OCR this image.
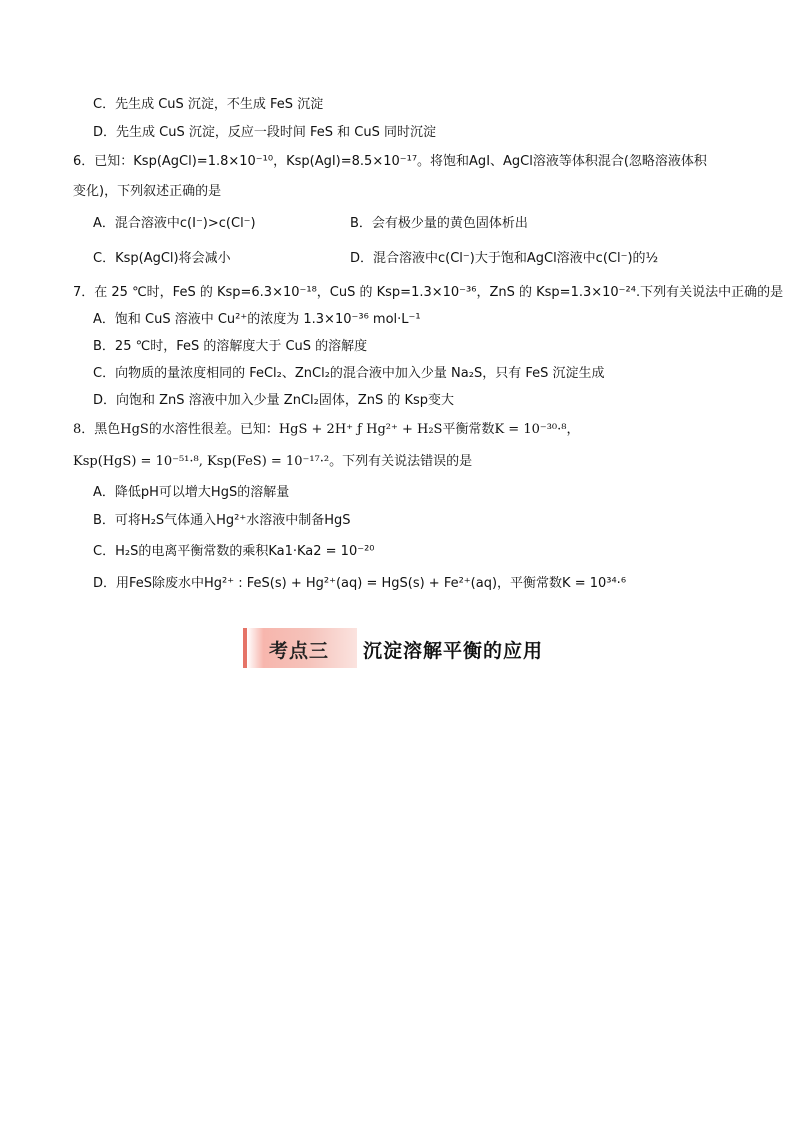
C．先生成 CuS 沉淀，不生成 FeS 沉淀
D．先生成 CuS 沉淀，反应一段时间 FeS 和 CuS 同时沉淀
6．已知：Ksp(AgCl)=1.8×10⁻¹⁰，Ksp(AgI)=8.5×10⁻¹⁷。将饱和AgI、AgCl溶液等体积混合(忽略溶液体积
变化)，下列叙述正确的是
A．混合溶液中c(I⁻)>c(Cl⁻)	B．会有极少量的黄色固体析出
C．Ksp(AgCl)将会减小	D．混合溶液中c(Cl⁻)大于饱和AgCl溶液中c(Cl⁻)的½
7．在 25 ℃时，FeS 的 Ksp=6.3×10⁻¹⁸，CuS 的 Ksp=1.3×10⁻³⁶，ZnS 的 Ksp=1.3×10⁻²⁴.下列有关说法中正确的是
A．饱和 CuS 溶液中 Cu²⁺的浓度为 1.3×10⁻³⁶ mol·L⁻¹
B．25 ℃时，FeS 的溶解度大于 CuS 的溶解度
C．向物质的量浓度相同的 FeCl₂、ZnCl₂的混合液中加入少量 Na₂S，只有 FeS 沉淀生成
D．向饱和 ZnS 溶液中加入少量 ZnCl₂固体，ZnS 的 Ksp变大
8．黑色HgS的水溶性很差。已知：HgS + 2H⁺ ƒ Hg²⁺ + H₂S平衡常数K = 10⁻³⁰·⁸，
Ksp(HgS) = 10⁻⁵¹·⁸, Ksp(FeS) = 10⁻¹⁷·²。下列有关说法错误的是
A．降低pH可以增大HgS的溶解量
B．可将H₂S气体通入Hg²⁺水溶液中制备HgS
C．H₂S的电离平衡常数的乘积Ka1·Ka2 = 10⁻²⁰
D．用FeS除废水中Hg²⁺ : FeS(s) + Hg²⁺(aq) = HgS(s) + Fe²⁺(aq)，平衡常数K = 10³⁴·⁶
考点三 沉淀溶解平衡的应用
